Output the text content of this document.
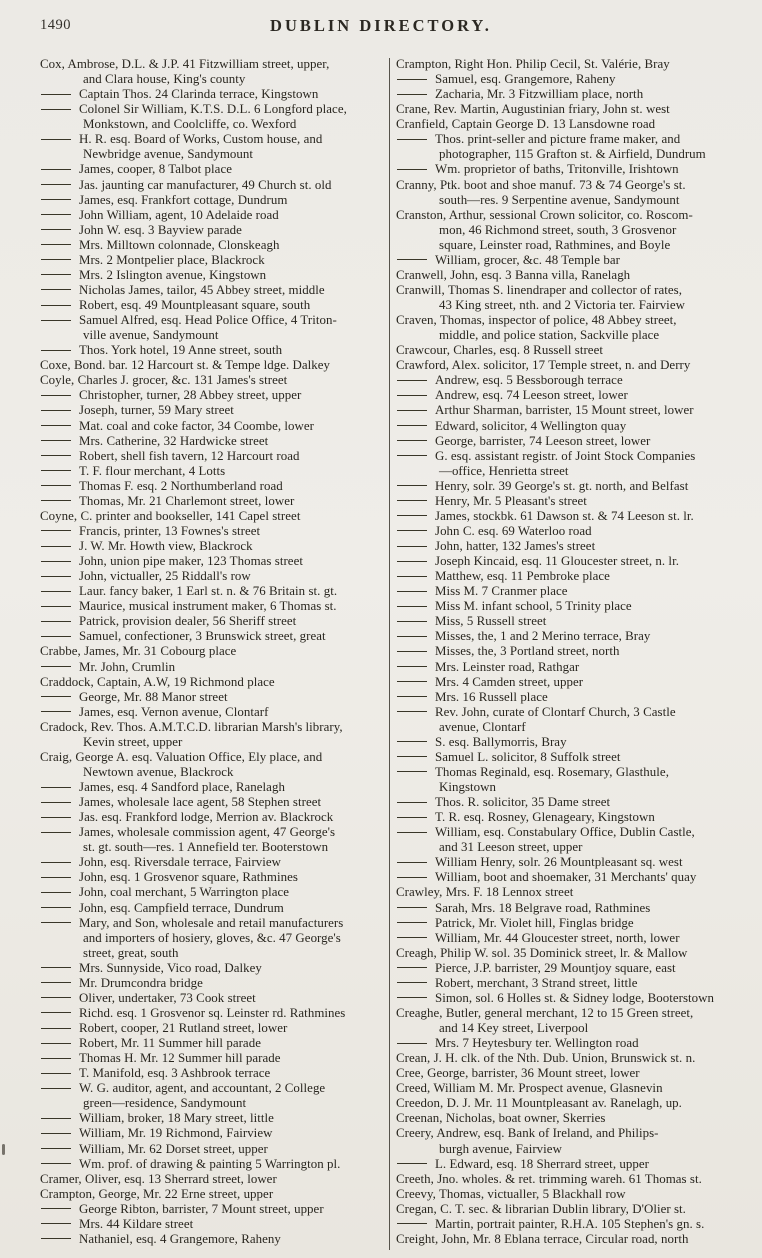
1490	DUBLIN DIRECTORY.
Cox, Ambrose, D.L. & J.P. 41 Fitzwilliam street, upper,
and Clara house, King's county
Captain Thos. 24 Clarinda terrace, Kingstown
Colonel Sir William, K.T.S. D.L. 6 Longford place,
Monkstown, and Coolcliffe, co. Wexford
H. R. esq. Board of Works, Custom house, and
Newbridge avenue, Sandymount
James, cooper, 8 Talbot place
Jas. jaunting car manufacturer, 49 Church st. old
James, esq. Frankfort cottage, Dundrum
John William, agent, 10 Adelaide road
John W. esq. 3 Bayview parade
Mrs. Milltown colonnade, Clonskeagh
Mrs. 2 Montpelier place, Blackrock
Mrs. 2 Islington avenue, Kingstown
Nicholas James, tailor, 45 Abbey street, middle
Robert, esq. 49 Mountpleasant square, south
Samuel Alfred, esq. Head Police Office, 4 Triton-
ville avenue, Sandymount
Thos. York hotel, 19 Anne street, south
Coxe, Bond. bar. 12 Harcourt st. & Tempe ldge. Dalkey
Coyle, Charles J. grocer, &c. 131 James's street
Christopher, turner, 28 Abbey street, upper
Joseph, turner, 59 Mary street
Mat. coal and coke factor, 34 Coombe, lower
Mrs. Catherine, 32 Hardwicke street
Robert, shell fish tavern, 12 Harcourt road
T. F. flour merchant, 4 Lotts
Thomas F. esq. 2 Northumberland road
Thomas, Mr. 21 Charlemont street, lower
Coyne, C. printer and bookseller, 141 Capel street
Francis, printer, 13 Fownes's street
J. W. Mr. Howth view, Blackrock
John, union pipe maker, 123 Thomas street
John, victualler, 25 Riddall's row
Laur. fancy baker, 1 Earl st. n. & 76 Britain st. gt.
Maurice, musical instrument maker, 6 Thomas st.
Patrick, provision dealer, 56 Sheriff street
Samuel, confectioner, 3 Brunswick street, great
Crabbe, James, Mr. 31 Cobourg place
Mr. John, Crumlin
Craddock, Captain, A.W, 19 Richmond place
George, Mr. 88 Manor street
James, esq. Vernon avenue, Clontarf
Cradock, Rev. Thos. A.M.T.C.D. librarian Marsh's library,
Kevin street, upper
Craig, George A. esq. Valuation Office, Ely place, and
Newtown avenue, Blackrock
James, esq. 4 Sandford place, Ranelagh
James, wholesale lace agent, 58 Stephen street
Jas. esq. Frankford lodge, Merrion av. Blackrock
James, wholesale commission agent, 47 George's
st. gt. south—res. 1 Annefield ter. Booterstown
John, esq. Riversdale terrace, Fairview
John, esq. 1 Grosvenor square, Rathmines
John, coal merchant, 5 Warrington place
John, esq. Campfield terrace, Dundrum
Mary, and Son, wholesale and retail manufacturers
and importers of hosiery, gloves, &c. 47 George's
street, great, south
Mrs. Sunnyside, Vico road, Dalkey
Mr. Drumcondra bridge
Oliver, undertaker, 73 Cook street
Richd. esq. 1 Grosvenor sq. Leinster rd. Rathmines
Robert, cooper, 21 Rutland street, lower
Robert, Mr. 11 Summer hill parade
Thomas H. Mr. 12 Summer hill parade
T. Manifold, esq. 3 Ashbrook terrace
W. G. auditor, agent, and accountant, 2 College
green—residence, Sandymount
William, broker, 18 Mary street, little
William, Mr. 19 Richmond, Fairview
William, Mr. 62 Dorset street, upper
Wm. prof. of drawing & painting 5 Warrington pl.
Cramer, Oliver, esq. 13 Sherrard street, lower
Crampton, George, Mr. 22 Erne street, upper
George Ribton, barrister, 7 Mount street, upper
Mrs. 44 Kildare street
Nathaniel, esq. 4 Grangemore, Raheny
Crampton, Right Hon. Philip Cecil, St. Valérie, Bray
Samuel, esq. Grangemore, Raheny
Zacharia, Mr. 3 Fitzwilliam place, north
Crane, Rev. Martin, Augustinian friary, John st. west
Cranfield, Captain George D. 13 Lansdowne road
Thos. print-seller and picture frame maker, and
photographer, 115 Grafton st. & Airfield, Dundrum
Wm. proprietor of baths, Tritonville, Irishtown
Cranny, Ptk. boot and shoe manuf. 73 & 74 George's st.
south—res. 9 Serpentine avenue, Sandymount
Cranston, Arthur, sessional Crown solicitor, co. Roscom-
mon, 46 Richmond street, south, 3 Grosvenor
square, Leinster road, Rathmines, and Boyle
William, grocer, &c. 48 Temple bar
Cranwell, John, esq. 3 Banna villa, Ranelagh
Cranwill, Thomas S. linendraper and collector of rates,
43 King street, nth. and 2 Victoria ter. Fairview
Craven, Thomas, inspector of police, 48 Abbey street,
middle, and police station, Sackville place
Crawcour, Charles, esq. 8 Russell street
Crawford, Alex. solicitor, 17 Temple street, n. and Derry
Andrew, esq. 5 Bessborough terrace
Andrew, esq. 74 Leeson street, lower
Arthur Sharman, barrister, 15 Mount street, lower
Edward, solicitor, 4 Wellington quay
George, barrister, 74 Leeson street, lower
G. esq. assistant registr. of Joint Stock Companies
—office, Henrietta street
Henry, solr. 39 George's st. gt. north, and Belfast
Henry, Mr. 5 Pleasant's street
James, stockbk. 61 Dawson st. & 74 Leeson st. lr.
John C. esq. 69 Waterloo road
John, hatter, 132 James's street
Joseph Kincaid, esq. 11 Gloucester street, n. lr.
Matthew, esq. 11 Pembroke place
Miss M. 7 Cranmer place
Miss M. infant school, 5 Trinity place
Miss, 5 Russell street
Misses, the, 1 and 2 Merino terrace, Bray
Misses, the, 3 Portland street, north
Mrs. Leinster road, Rathgar
Mrs. 4 Camden street, upper
Mrs. 16 Russell place
Rev. John, curate of Clontarf Church, 3 Castle
avenue, Clontarf
S. esq. Ballymorris, Bray
Samuel L. solicitor, 8 Suffolk street
Thomas Reginald, esq. Rosemary, Glasthule,
Kingstown
Thos. R. solicitor, 35 Dame street
T. R. esq. Rosney, Glenageary, Kingstown
William, esq. Constabulary Office, Dublin Castle,
and 31 Leeson street, upper
William Henry, solr. 26 Mountpleasant sq. west
William, boot and shoemaker, 31 Merchants' quay
Crawley, Mrs. F. 18 Lennox street
Sarah, Mrs. 18 Belgrave road, Rathmines
Patrick, Mr. Violet hill, Finglas bridge
William, Mr. 44 Gloucester street, north, lower
Creagh, Philip W. sol. 35 Dominick street, lr. & Mallow
Pierce, J.P. barrister, 29 Mountjoy square, east
Robert, merchant, 3 Strand street, little
Simon, sol. 6 Holles st. & Sidney lodge, Booterstown
Creaghe, Butler, general merchant, 12 to 15 Green street,
and 14 Key street, Liverpool
Mrs. 7 Heytesbury ter. Wellington road
Crean, J. H. clk. of the Nth. Dub. Union, Brunswick st. n.
Cree, George, barrister, 36 Mount street, lower
Creed, William M. Mr. Prospect avenue, Glasnevin
Creedon, D. J. Mr. 11 Mountpleasant av. Ranelagh, up.
Creenan, Nicholas, boat owner, Skerries
Creery, Andrew, esq. Bank of Ireland, and Philips-
burgh avenue, Fairview
L. Edward, esq. 18 Sherrard street, upper
Creeth, Jno. wholes. & ret. trimming wareh. 61 Thomas st.
Creevy, Thomas, victualler, 5 Blackhall row
Cregan, C. T. sec. & librarian Dublin library, D'Olier st.
Martin, portrait painter, R.H.A. 105 Stephen's gn. s.
Creight, John, Mr. 8 Eblana terrace, Circular road, north
